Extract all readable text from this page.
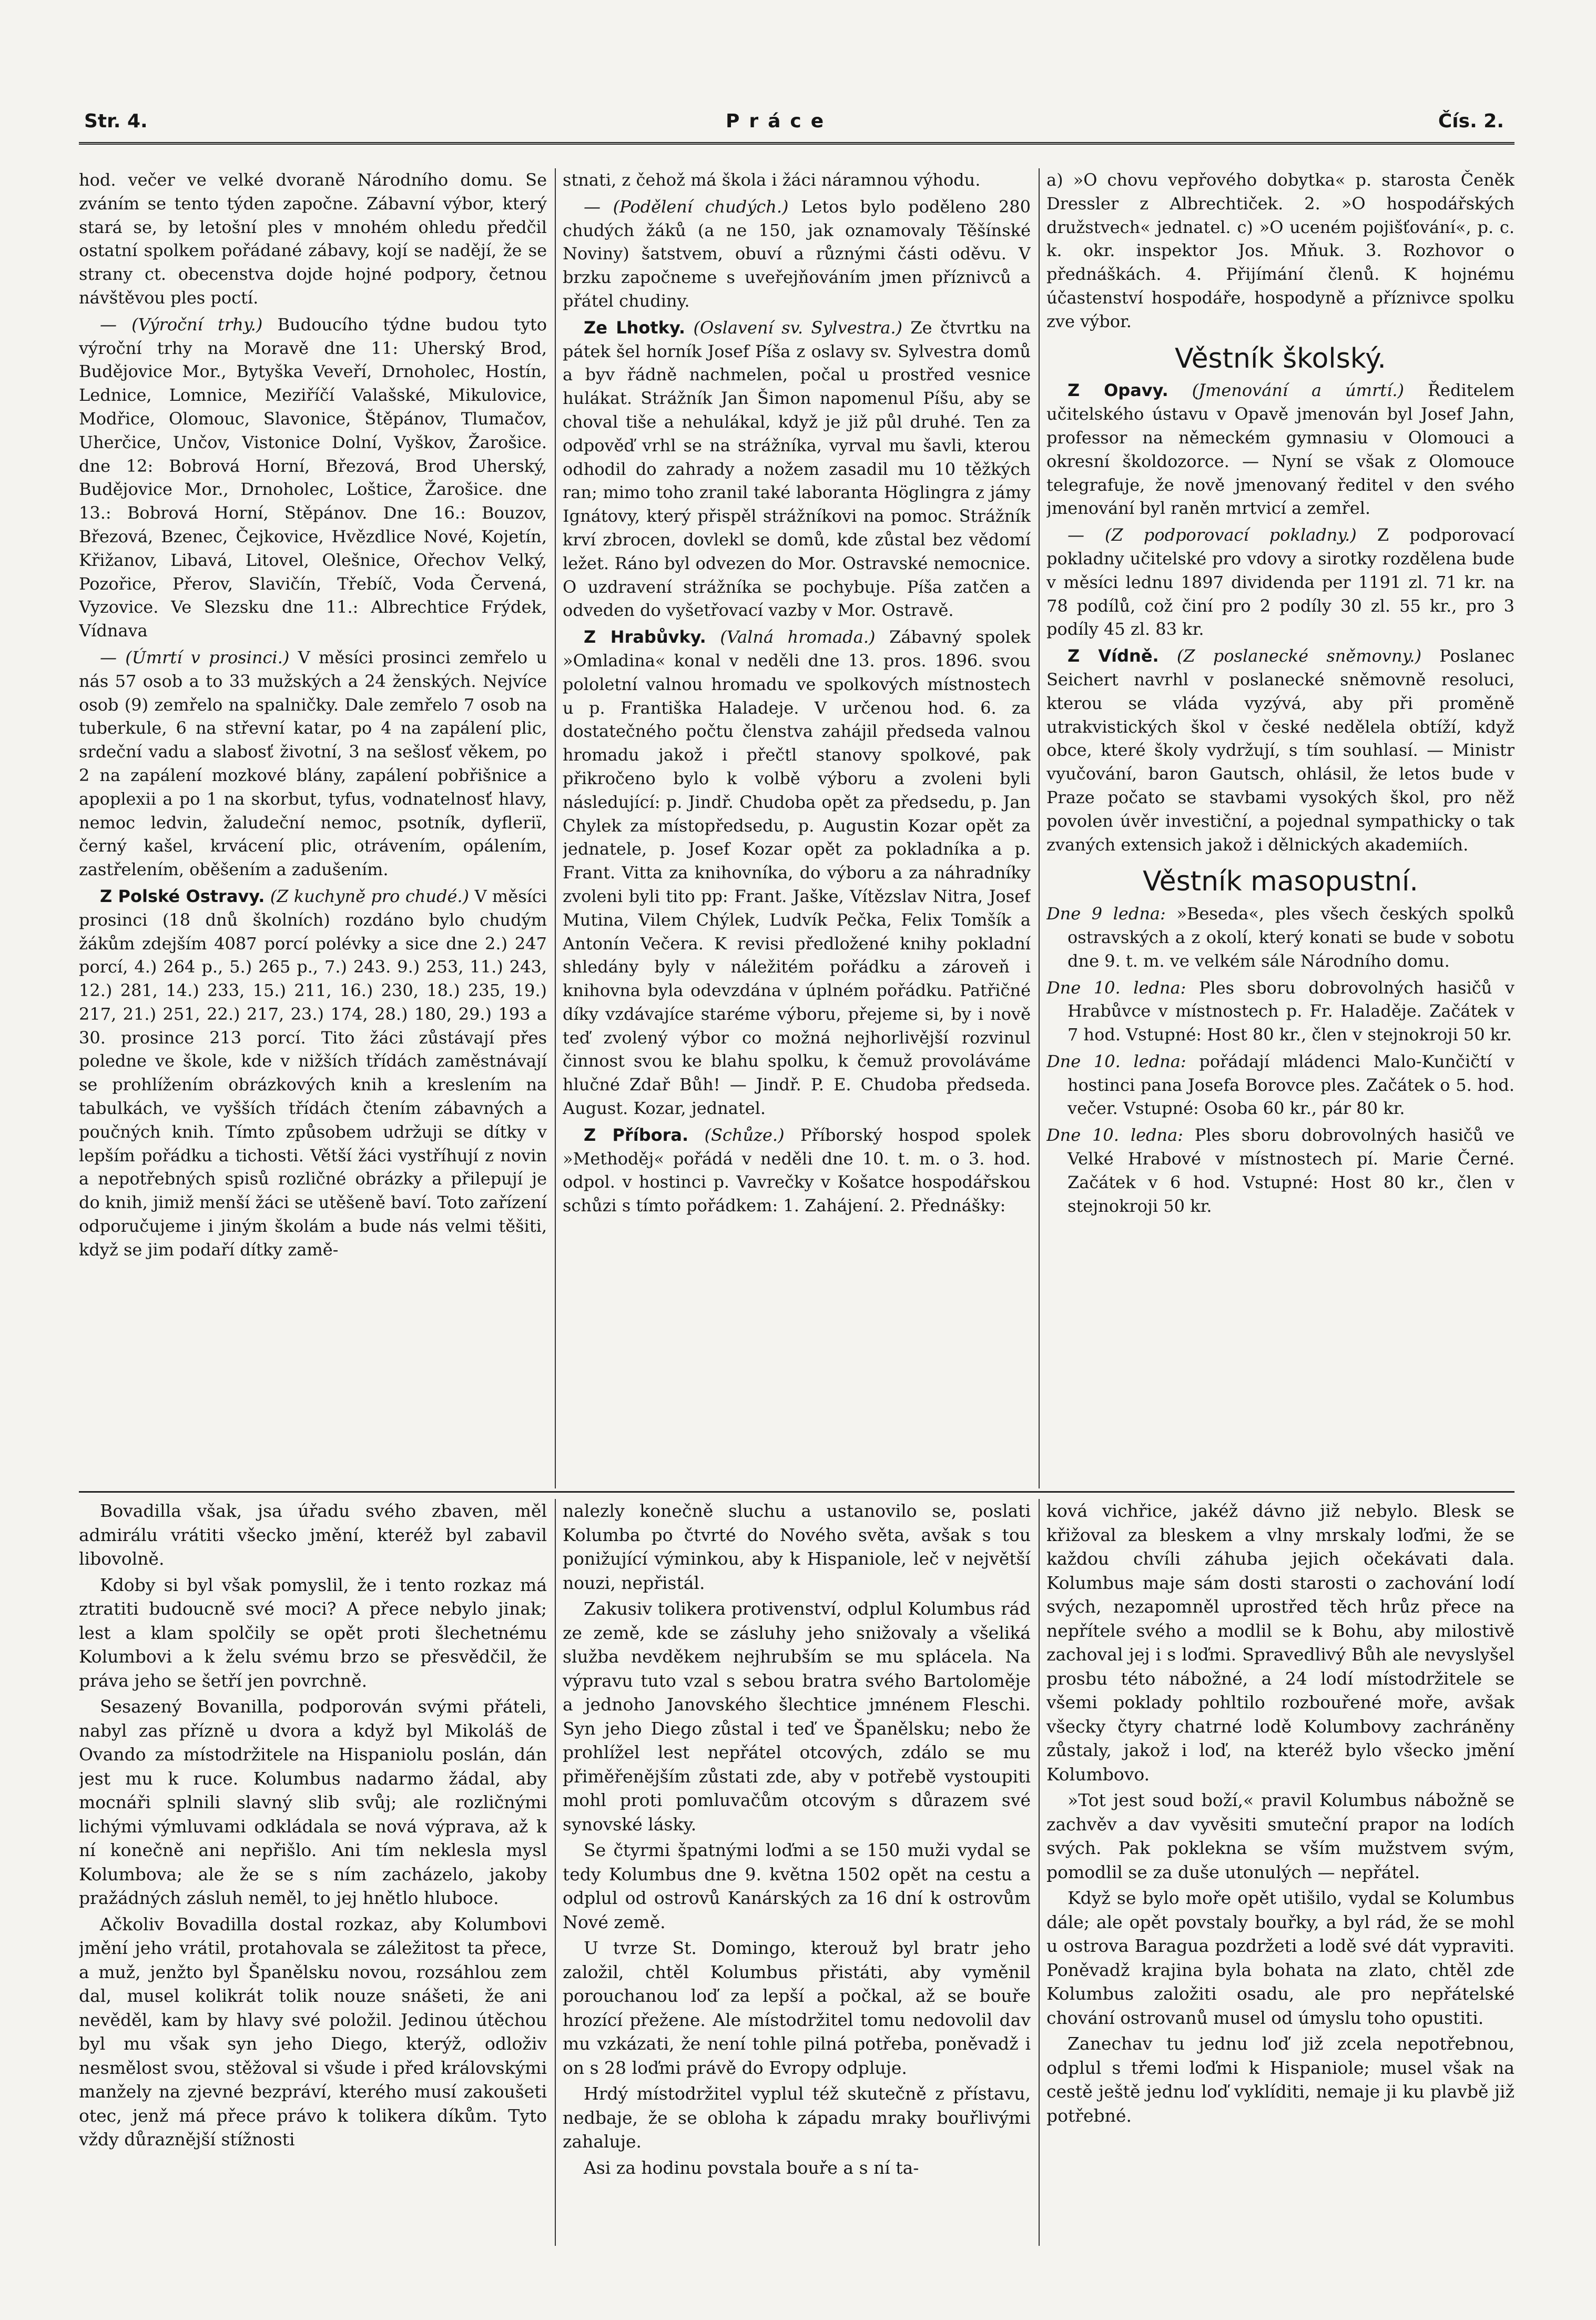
Str. 4.	Práce	Čís. 2.

hod. večer ve velké dvoraně Národního domu. Se zváním se tento týden započne. Zábavní výbor, který stará se, by letošní ples v mnohém ohledu předčil ostatní spolkem pořádané zábavy, kojí se nadějí, že se strany ct. obecenstva dojde hojné podpory, četnou návštěvou ples poctí.

— (Výroční trhy.) Budoucího týdne budou tyto výroční trhy na Moravě dne 11: Uherský Brod, Budějovice Mor., Bytyška Veveří, Drnoholec, Hostín, Lednice, Lomnice, Meziříčí Valašské, Mikulovice, Modřice, Olomouc, Slavonice, Štěpánov, Tlumačov, Uherčice, Unčov, Vistonice Dolní, Vyškov, Žarošice. dne 12: Bobrová Horní, Březová, Brod Uherský, Budějovice Mor., Drnoholec, Loštice, Žarošice. dne 13.: Bobrová Horní, Stěpánov. Dne 16.: Bouzov, Březová, Bzenec, Čejkovice, Hvězdlice Nové, Kojetín, Křižanov, Libavá, Litovel, Olešnice, Ořechov Velký, Pozořice, Přerov, Slavičín, Třebíč, Voda Červená, Vyzovice. Ve Slezsku dne 11.: Albrechtice Frýdek, Vídnava

— (Úmrtí v prosinci.) V měsíci prosinci zemřelo u nás 57 osob a to 33 mužských a 24 ženských. Nejvíce osob (9) zemřelo na spalničky. Dale zemřelo 7 osob na tuberkule, 6 na střevní katar, po 4 na zapálení plic, srdeční vadu a slabosť životní, 3 na sešlosť věkem, po 2 na zapálení mozkové blány, zapálení pobřišnice a apoplexii a po 1 na skorbut, tyfus, vodnatelnosť hlavy, nemoc ledvin, žaludeční nemoc, psotník, dyfleriï, černý kašel, krvácení plic, otrávením, opálením, zastřelením, oběšením a zadušením.

Z Polské Ostravy. (Z kuchyně pro chudé.) V měsíci prosinci (18 dnů školních) rozdáno bylo chudým žákům zdejším 4087 porcí polévky a sice dne 2.) 247 porcí, 4.) 264 p., 5.) 265 p., 7.) 243. 9.) 253, 11.) 243, 12.) 281, 14.) 233, 15.) 211, 16.) 230, 18.) 235, 19.) 217, 21.) 251, 22.) 217, 23.) 174, 28.) 180, 29.) 193 a 30. prosince 213 porcí. Tito žáci zůstávají přes poledne ve škole, kde v nižších třídách zaměstnávají se prohlížením obrázkových knih a kreslením na tabulkách, ve vyšších třídách čtením zábavných a poučných knih. Tímto způsobem udržuji se dítky v lepším pořádku a tichosti. Větší žáci vystříhují z novin a nepotřebných spisů rozličné obrázky a přilepují je do knih, jimiž menší žáci se utěšeně baví. Toto zařízení odporučujeme i jiným školám a bude nás velmi těšiti, když se jim podaří dítky zamě-

stnati, z čehož má škola i žáci náramnou výhodu.

— (Podělení chudých.) Letos bylo poděleno 280 chudých žáků (a ne 150, jak oznamovaly Těšínské Noviny) šatstvem, obuví a různými části oděvu. V brzku započneme s uveřejňováním jmen příznivců a přátel chudiny.

Ze Lhotky. (Oslavení sv. Sylvestra.) Ze čtvrtku na pátek šel horník Josef Píša z oslavy sv. Sylvestra domů a byv řádně nachmelen, počal u prostřed vesnice hulákat. Strážník Jan Šimon napomenul Píšu, aby se choval tiše a nehulákal, když je již půl druhé. Ten za odpověď vrhl se na strážníka, vyrval mu šavli, kterou odhodil do zahrady a nožem zasadil mu 10 těžkých ran; mimo toho zranil také laboranta Höglingra z jámy Ignátovy, který přispěl strážníkovi na pomoc. Strážník krví zbrocen, dovlekl se domů, kde zůstal bez vědomí ležet. Ráno byl odvezen do Mor. Ostravské nemocnice. O uzdravení strážníka se pochybuje. Píša zatčen a odveden do vyšetřovací vazby v Mor. Ostravě.

Z Hrabůvky. (Valná hromada.) Zábavný spolek »Omladina« konal v neděli dne 13. pros. 1896. svou pololetní valnou hromadu ve spolkových místnostech u p. Františka Haladeje. V určenou hod. 6. za dostatečného počtu členstva zahájil předseda valnou hromadu jakož i přečtl stanovy spolkové, pak přikročeno bylo k volbě výboru a zvoleni byli následující: p. Jindř. Chudoba opět za předsedu, p. Jan Chylek za místopředsedu, p. Augustin Kozar opět za jednatele, p. Josef Kozar opět za pokladníka a p. Frant. Vitta za knihovníka, do výboru a za náhradníky zvoleni byli tito pp: Frant. Jaške, Vítězslav Nitra, Josef Mutina, Vilem Chýlek, Ludvík Pečka, Felix Tomšík a Antonín Večera. K revisi předložené knihy pokladní shledány byly v náležitém pořádku a zároveň i knihovna byla odevzdána v úplném pořádku. Patřičné díky vzdávajíce staréme výboru, přejeme si, by i nově teď zvolený výbor co možná nejhorlivější rozvinul činnost svou ke blahu spolku, k čemuž provoláváme hlučné Zdař Bůh! — Jindř. P. E. Chudoba předseda. August. Kozar, jednatel.

Z Příbora. (Schůze.) Příborský hospod spolek »Methoděj« pořádá v neděli dne 10. t. m. o 3. hod. odpol. v hostinci p. Vavrečky v Košatce hospodářskou schůzi s tímto pořádkem: 1. Zahájení. 2. Přednášky:

a) »O chovu vepřového dobytka« p. starosta Čeněk Dressler z Albrechtiček. 2. »O hospodářských družstvech« jednatel. c) »O uceném pojišťování«, p. c. k. okr. inspektor Jos. Mňuk. 3. Rozhovor o přednáškách. 4. Přijímání členů. K hojnému účastenství hospodáře, hospodyně a příznivce spolku zve výbor.

Věstník školský.

Z Opavy. (Jmenování a úmrtí.) Ředitelem učitelského ústavu v Opavě jmenován byl Josef Jahn, professor na německém gymnasiu v Olomouci a okresní školdozorce. — Nyní se však z Olomouce telegrafuje, že nově jmenovaný ředitel v den svého jmenování byl raněn mrtvicí a zemřel.

— (Z podporovací pokladny.) Z podporovací pokladny učitelské pro vdovy a sirotky rozdělena bude v měsíci lednu 1897 dividenda per 1191 zl. 71 kr. na 78 podílů, což činí pro 2 podíly 30 zl. 55 kr., pro 3 podíly 45 zl. 83 kr.

Z Vídně. (Z poslanecké sněmovny.) Poslanec Seichert navrhl v poslanecké sněmovně resoluci, kterou se vláda vyzývá, aby při proměně utrakvistických škol v české nedělela obtíží, když obce, které školy vydržují, s tím souhlasí. — Ministr vyučování, baron Gautsch, ohlásil, že letos bude v Praze počato se stavbami vysokých škol, pro něž povolen úvěr investiční, a pojednal sympathicky o tak zvaných extensich jakož i dělnických akademiích.

Věstník masopustní.

Dne 9 ledna: »Beseda«, ples všech českých spolků ostravských a z okolí, který konati se bude v sobotu dne 9. t. m. ve velkém sále Národního domu.

Dne 10. ledna: Ples sboru dobrovolných hasičů v Hrabůvce v místnostech p. Fr. Haladěje. Začátek v 7 hod. Vstupné: Host 80 kr., člen v stejnokroji 50 kr.

Dne 10. ledna: pořádají mládenci Malo-Kunčičtí v hostinci pana Josefa Borovce ples. Začátek o 5. hod. večer. Vstupné: Osoba 60 kr., pár 80 kr.

Dne 10. ledna: Ples sboru dobrovolných hasičů ve Velké Hrabové v místnostech pí. Marie Černé. Začátek v 6 hod. Vstupné: Host 80 kr., člen v stejnokroji 50 kr.

Bovadilla však, jsa úřadu svého zbaven, měl admirálu vrátiti všecko jmění, kteréž byl zabavil libovolně.

Kdoby si byl však pomyslil, že i tento rozkaz má ztratiti budoucně své moci? A přece nebylo jinak; lest a klam spolčily se opět proti šlechetnému Kolumbovi a k želu svému brzo se přesvědčil, že práva jeho se šetří jen povrchně.

Sesazený Bovanilla, podporován svými přáteli, nabyl zas přízně u dvora a když byl Mikoláš de Ovando za místodržitele na Hispaniolu poslán, dán jest mu k ruce. Kolumbus nadarmo žádal, aby mocnáři splnili slavný slib svůj; ale rozličnými lichými výmluvami odkládala se nová výprava, až k ní konečně ani nepřišlo. Ani tím neklesla mysl Kolumbova; ale že se s ním zacházelo, jakoby pražádných zásluh neměl, to jej hnětlo hluboce.

Ačkoliv Bovadilla dostal rozkaz, aby Kolumbovi jmění jeho vrátil, protahovala se záležitost ta přece, a muž, jenžto byl Španělsku novou, rozsáhlou zem dal, musel kolikrát tolik nouze snášeti, že ani nevěděl, kam by hlavy své položil. Jedinou útěchou byl mu však syn jeho Diego, kterýž, odloživ nesmělost svou, stěžoval si všude i před královskými manžely na zjevné bezpráví, kterého musí zakoušeti otec, jenž má přece právo k tolikera díkům. Tyto vždy důraznější stížnosti

nalezly konečně sluchu a ustanovilo se, poslati Kolumba po čtvrté do Nového světa, avšak s tou ponižující výminkou, aby k Hispaniole, leč v největší nouzi, nepřistál.

Zakusiv tolikera protivenství, odplul Kolumbus rád ze země, kde se zásluhy jeho snižovaly a všeliká služba nevděkem nejhrubším se mu splácela. Na výpravu tuto vzal s sebou bratra svého Bartoloměje a jednoho Janovského šlechtice jmnénem Fleschi. Syn jeho Diego zůstal i teď ve Španělsku; nebo že prohlížel lest nepřátel otcových, zdálo se mu přiměřenějším zůstati zde, aby v potřebě vystoupiti mohl proti pomluvačům otcovým s důrazem své synovské lásky.

Se čtyrmi špatnými loďmi a se 150 muži vydal se tedy Kolumbus dne 9. května 1502 opět na cestu a odplul od ostrovů Kanárských za 16 dní k ostrovům Nové země.

U tvrze St. Domingo, kterouž byl bratr jeho založil, chtěl Kolumbus přistáti, aby vyměnil porouchanou loď za lepší a počkal, až se bouře hrozící přežene. Ale místodržitel tomu nedovolil dav mu vzkázati, že není tohle pilná potřeba, poněvadž i on s 28 loďmi právě do Evropy odpluje.

Hrdý místodržitel vyplul též skutečně z přístavu, nedbaje, že se obloha k západu mraky bouřlivými zahaluje.

Asi za hodinu povstala bouře a s ní ta-

ková vichřice, jakéž dávno již nebylo. Blesk se křižoval za bleskem a vlny mrskaly loďmi, že se každou chvíli záhuba jejich očekávati dala. Kolumbus maje sám dosti starosti o zachování lodí svých, nezapomněl uprostřed těch hrůz přece na nepřítele svého a modlil se k Bohu, aby milostivě zachoval jej i s loďmi. Spravedlivý Bůh ale nevyslyšel prosbu této nábožné, a 24 lodí místodržitele se všemi poklady pohltilo rozbouřené moře, avšak všecky čtyry chatrné lodě Kolumbovy zachráněny zůstaly, jakož i loď, na kteréž bylo všecko jmění Kolumbovo.

»Tot jest soud boží,« pravil Kolumbus nábožně se zachvěv a dav vyvěsiti smuteční prapor na lodích svých. Pak poklekna se vším mužstvem svým, pomodlil se za duše utonulých — nepřátel.

Když se bylo moře opět utišilo, vydal se Kolumbus dále; ale opět povstaly bouřky, a byl rád, že se mohl u ostrova Baragua pozdržeti a lodě své dát vypraviti. Poněvadž krajina byla bohata na zlato, chtěl zde Kolumbus založiti osadu, ale pro nepřátelské chování ostrovanů musel od úmyslu toho opustiti.

Zanechav tu jednu loď již zcela nepotřebnou, odplul s třemi loďmi k Hispaniole; musel však na cestě ještě jednu loď vyklíditi, nemaje ji ku plavbě již potřebné.
